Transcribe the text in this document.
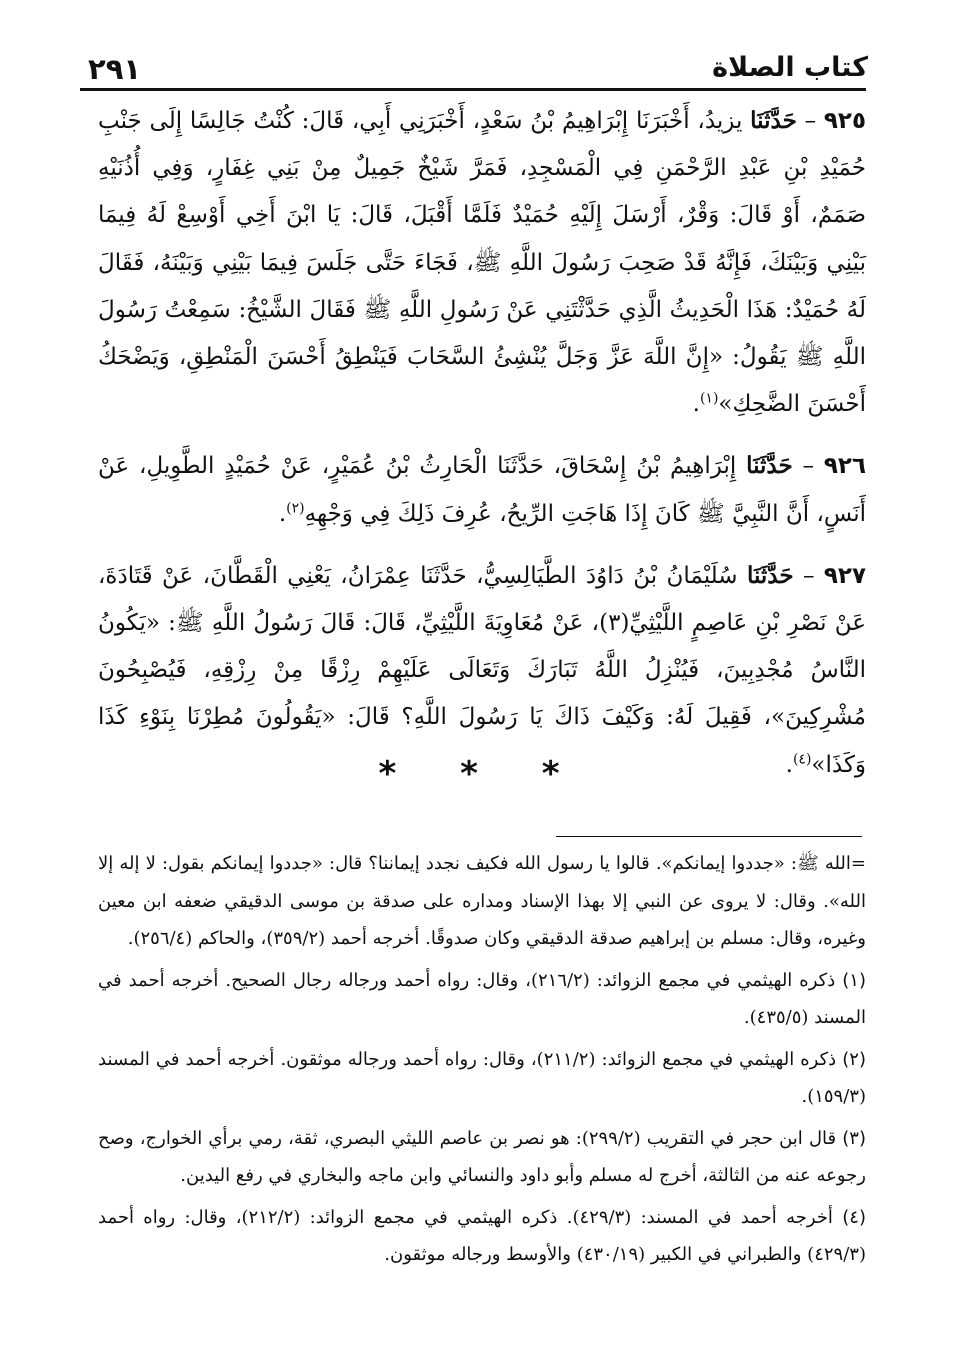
٢٩١	كتاب الصلاة

٩٢٥ – حَدَّثَنَا يزيدُ، أَخْبَرَنَا إِبْرَاهِيمُ بْنُ سَعْدٍ، أَخْبَرَنِي أَبِي، قَالَ: كُنْتُ جَالِسًا إِلَى جَنْبِ حُمَيْدِ بْنِ عَبْدِ الرَّحْمَنِ فِي الْمَسْجِدِ، فَمَرَّ شَيْخٌ جَمِيلٌ مِنْ بَنِي غِفَارٍ، وَفِي أُذُنَيْهِ صَمَمٌ، أَوْ قَالَ: وَقْرٌ، أَرْسَلَ إِلَيْهِ حُمَيْدٌ فَلَمَّا أَقْبَلَ، قَالَ: يَا ابْنَ أَخِي أَوْسِعْ لَهُ فِيمَا بَيْنِي وَبَيْنَكَ، فَإِنَّهُ قَدْ صَحِبَ رَسُولَ اللَّهِ ﷺ، فَجَاءَ حَتَّى جَلَسَ فِيمَا بَيْنِي وَبَيْنَهُ، فَقَالَ لَهُ حُمَيْدٌ: هَذَا الْحَدِيثُ الَّذِي حَدَّثْتَنِي عَنْ رَسُولِ اللَّهِ ﷺ فَقَالَ الشَّيْخُ: سَمِعْتُ رَسُولَ اللَّهِ ﷺ يَقُولُ: «إِنَّ اللَّهَ عَزَّ وَجَلَّ يُنْشِئُ السَّحَابَ فَيَنْطِقُ أَحْسَنَ الْمَنْطِقِ، وَيَضْحَكُ أَحْسَنَ الضَّحِكِ»$^{(١)}$.

٩٢٦ – حَدَّثَنَا إِبْرَاهِيمُ بْنُ إِسْحَاقَ، حَدَّثَنَا الْحَارِثُ بْنُ عُمَيْرٍ، عَنْ حُمَيْدٍ الطَّوِيلِ، عَنْ أَنَسٍ، أَنَّ النَّبِيَّ ﷺ كَانَ إِذَا هَاجَتِ الرِّيحُ، عُرِفَ ذَلِكَ فِي وَجْهِهِ$^{(٢)}$.

٩٢٧ – حَدَّثَنَا سُلَيْمَانُ بْنُ دَاوُدَ الطَّيَالِسِيُّ، حَدَّثَنَا عِمْرَانُ، يَعْنِي الْقَطَّانَ، عَنْ قَتَادَةَ، عَنْ نَصْرِ بْنِ عَاصِمٍ اللَّيْثِيِّ(٣)، عَنْ مُعَاوِيَةَ اللَّيْثِيِّ، قَالَ: قَالَ رَسُولُ اللَّهِ ﷺ: «يَكُونُ النَّاسُ مُجْدِبِينَ، فَيُنْزِلُ اللَّهُ تَبَارَكَ وَتَعَالَى عَلَيْهِمْ رِزْقًا مِنْ رِزْقِهِ، فَيُصْبِحُونَ مُشْرِكِينَ»، فَقِيلَ لَهُ: وَكَيْفَ ذَاكَ يَا رَسُولَ اللَّهِ؟ قَالَ: «يَقُولُونَ مُطِرْنَا بِنَوْءِ كَذَا وَكَذَا»$^{(٤)}$.

* * *

=الله ﷺ: «جددوا إيمانكم». قالوا يا رسول الله فكيف نجدد إيماننا؟ قال: «جددوا إيمانكم بقول: لا إله إلا الله». وقال: لا يروى عن النبي إلا بهذا الإسناد ومداره على صدقة بن موسى الدقيقي ضعفه ابن معين وغيره، وقال: مسلم بن إبراهيم صدقة الدقيقي وكان صدوقًا. أخرجه أحمد (٣٥٩/٢)، والحاكم (٢٥٦/٤).

(١) ذكره الهيثمي في مجمع الزوائد: (٢١٦/٢)، وقال: رواه أحمد ورجاله رجال الصحيح. أخرجه أحمد في المسند (٤٣٥/٥).

(٢) ذكره الهيثمي في مجمع الزوائد: (٢١١/٢)، وقال: رواه أحمد ورجاله موثقون. أخرجه أحمد في المسند (١٥٩/٣).

(٣) قال ابن حجر في التقريب (٢٩٩/٢): هو نصر بن عاصم الليثي البصري، ثقة، رمي برأي الخوارج، وصح رجوعه عنه من الثالثة، أخرج له مسلم وأبو داود والنسائي وابن ماجه والبخاري في رفع اليدين.

(٤) أخرجه أحمد في المسند: (٤٢٩/٣). ذكره الهيثمي في مجمع الزوائد: (٢١٢/٢)، وقال: رواه أحمد (٤٢٩/٣) والطبراني في الكبير (٤٣٠/١٩) والأوسط ورجاله موثقون.
